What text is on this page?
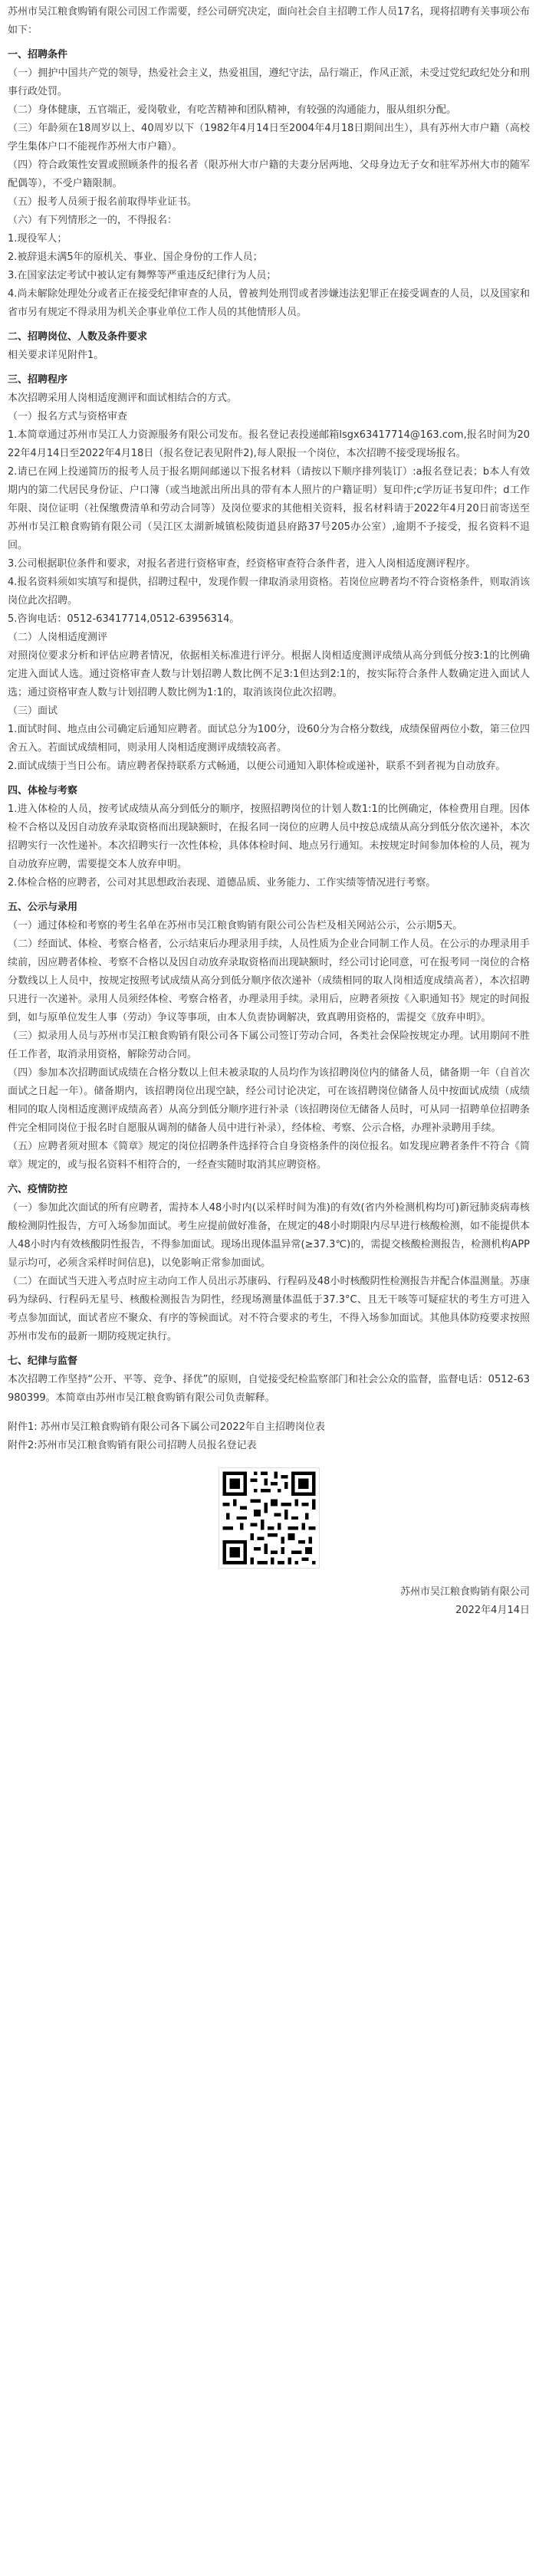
苏州市吴江粮食购销有限公司因工作需要，经公司研究决定，面向社会自主招聘工作人员17名，现将招聘有关事项公布如下：

一、招聘条件

（一）拥护中国共产党的领导，热爱社会主义，热爱祖国，遵纪守法，品行端正，作风正派，未受过党纪政纪处分和刑事行政处罚。

（二）身体健康，五官端正，爱岗敬业，有吃苦精神和团队精神，有较强的沟通能力，服从组织分配。

（三）年龄须在18周岁以上、40周岁以下（1982年4月14日至2004年4月18日期间出生），具有苏州大市户籍（高校学生集体户口不能视作苏州大市户籍）。

（四）符合政策性安置或照顾条件的报名者（限苏州大市户籍的夫妻分居两地、父母身边无子女和驻军苏州大市的随军配偶等），不受户籍限制。

（五）报考人员须于报名前取得毕业证书。

（六）有下列情形之一的，不得报名：

1.现役军人；

2.被辞退未满5年的原机关、事业、国企身份的工作人员；

3.在国家法定考试中被认定有舞弊等严重违反纪律行为人员；

4.尚未解除处理处分或者正在接受纪律审查的人员，曾被判处刑罚或者涉嫌违法犯罪正在接受调查的人员，以及国家和省市另有规定不得录用为机关企事业单位工作人员的其他情形人员。

二、招聘岗位、人数及条件要求

相关要求详见附件1。

三、招聘程序

本次招聘采用人岗相适度测评和面试相结合的方式。

（一）报名方式与资格审查

1.本简章通过苏州市吴江人力资源服务有限公司发布。报名登记表投递邮箱lsgx63417714@163.com,报名时间为2022年4月14日至2022年4月18日（报名登记表见附件2),每人限报一个岗位，本次招聘不接受现场报名。

2.请已在网上投递简历的报考人员于报名期间邮递以下报名材料（请按以下顺序排列装订）:a报名登记表；b本人有效期内的第二代居民身份证、户口簿（或当地派出所出具的带有本人照片的户籍证明）复印件;c学历证书复印件；d工作年限、岗位证明（社保缴费清单和劳动合同等）及岗位要求的其他相关资料，报名材料请于2022年4月20日前寄送至苏州市吴江粮食购销有限公司（吴江区太湖新城镇松陵街道县府路37号205办公室）,逾期不予接受，报名资料不退回。

3.公司根据职位条件和要求，对报名者进行资格审查，经资格审查符合条件者，进入人岗相适度测评程序。

4.报名资料须如实填写和提供，招聘过程中，发现作假一律取消录用资格。若岗位应聘者均不符合资格条件，则取消该岗位此次招聘。

5.咨询电话：0512-63417714,0512-63956314。

（二）人岗相适度测评

对照岗位要求分析和评估应聘者情况，依据相关标准进行评分。根据人岗相适度测评成绩从高分到低分按3:1的比例确定进入面试人选。通过资格审查人数与计划招聘人数比例不足3:1但达到2:1的，按实际符合条件人数确定进入面试人选；通过资格审查人数与计划招聘人数比例为1:1的，取消该岗位此次招聘。

（三）面试

1.面试时间、地点由公司确定后通知应聘者。面试总分为100分，设60分为合格分数线，成绩保留两位小数，第三位四舍五入。若面试成绩相同，则录用人岗相适度测评成绩较高者。

2.面试成绩于当日公布。请应聘者保持联系方式畅通，以便公司通知入职体检或递补，联系不到者视为自动放弃。

四、体检与考察

1.进入体检的人员，按考试成绩从高分到低分的顺序，按照招聘岗位的计划人数1:1的比例确定，体检费用自理。因体检不合格以及因自动放弃录取资格而出现缺额时，在报名同一岗位的应聘人员中按总成绩从高分到低分依次递补，本次招聘实行一次性递补。本次招聘实行一次性体检，具体体检时间、地点另行通知。未按规定时间参加体检的人员，视为自动放弃应聘，需要提交本人放弃申明。

2.体检合格的应聘者，公司对其思想政治表现、道德品质、业务能力、工作实绩等情况进行考察。

五、公示与录用

（一）通过体检和考察的考生名单在苏州市吴江粮食购销有限公司公告栏及相关网站公示，公示期5天。

（二）经面试、体检、考察合格者，公示结束后办理录用手续，人员性质为企业合同制工作人员。在公示的办理录用手续前，因应聘者体检、考察不合格以及因自动放弃录取资格而出现缺额时，经公司讨论同意，可在报考同一岗位的合格分数线以上人员中，按规定按照考试成绩从高分到低分顺序依次递补（成绩相同的取人岗相适度成绩高者），本次招聘只进行一次递补。录用人员须经体检、考察合格者，办理录用手续。录用后，应聘者须按《入职通知书》规定的时间报到，如与原单位发生人事（劳动）争议等事项，由本人负责协调解决，致真聘用资格的，需提交《放弃申明》。

（三）拟录用人员与苏州市吴江粮食购销有限公司各下属公司签订劳动合同，各类社会保险按规定办理。试用期间不胜任工作者，取消录用资格，解除劳动合同。

（四）参加本次招聘面试成绩在合格分数以上但未被录取的人员均作为该招聘岗位内的储备人员，储备期一年（自首次面试之日起一年）。储备期内，该招聘岗位出现空缺，经公司讨论决定，可在该招聘岗位储备人员中按面试成绩（成绩相同的取人岗相适度测评成绩高者）从高分到低分顺序进行补录（该招聘岗位无储备人员时，可从同一招聘单位招聘条件完全相同岗位于报名时自愿服从调剂的储备人员中进行补录），经体检、考察、公示合格，办理补录聘用手续。

（五）应聘者须对照本《简章》规定的岗位招聘条件选择符合自身资格条件的岗位报名。如发现应聘者条件不符合《简章》规定的，或与报名资料不相符合的，一经查实随时取消其应聘资格。

六、疫情防控

（一）参加此次面试的所有应聘者，需持本人48小时内(以采样时间为准)的有效(省内外检测机构均可)新冠肺炎病毒核酸检测阴性报告，方可入场参加面试。考生应提前做好准备，在规定的48小时期限内尽早进行核酸检测，如不能提供本人48小时内有效核酸阴性报告，不得参加面试。现场出现体温异常(≥37.3℃)的，需提交核酸检测报告，检测机构APP显示均可，必须含采样时间信息)，以免影响正常参加面试。

（二）在面试当天进入考点时应主动向工作人员出示苏康码、行程码及48小时核酸阴性检测报告并配合体温测量。苏康码为绿码、行程码无星号、核酸检测报告为阴性，经现场测量体温低于37.3°C、且无干咳等可疑症状的考生方可进入考点参加面试，面试者应不聚众、有序的等候面试。对不符合要求的考生，不得入场参加面试。其他具体防疫要求按照苏州市发布的最新一期防疫规定执行。

七、纪律与监督

本次招聘工作坚持“公开、平等、竞争、择优”的原则，自觉接受纪检监察部门和社会公众的监督，监督电话：0512-63980399。本简章由苏州市吴江粮食购销有限公司负责解释。

附件1: 苏州市吴江粮食购销有限公司各下属公司2022年自主招聘岗位表

附件2:苏州市吴江粮食购销有限公司招聘人员报名登记表

苏州市吴江粮食购销有限公司

2022年4月14日
